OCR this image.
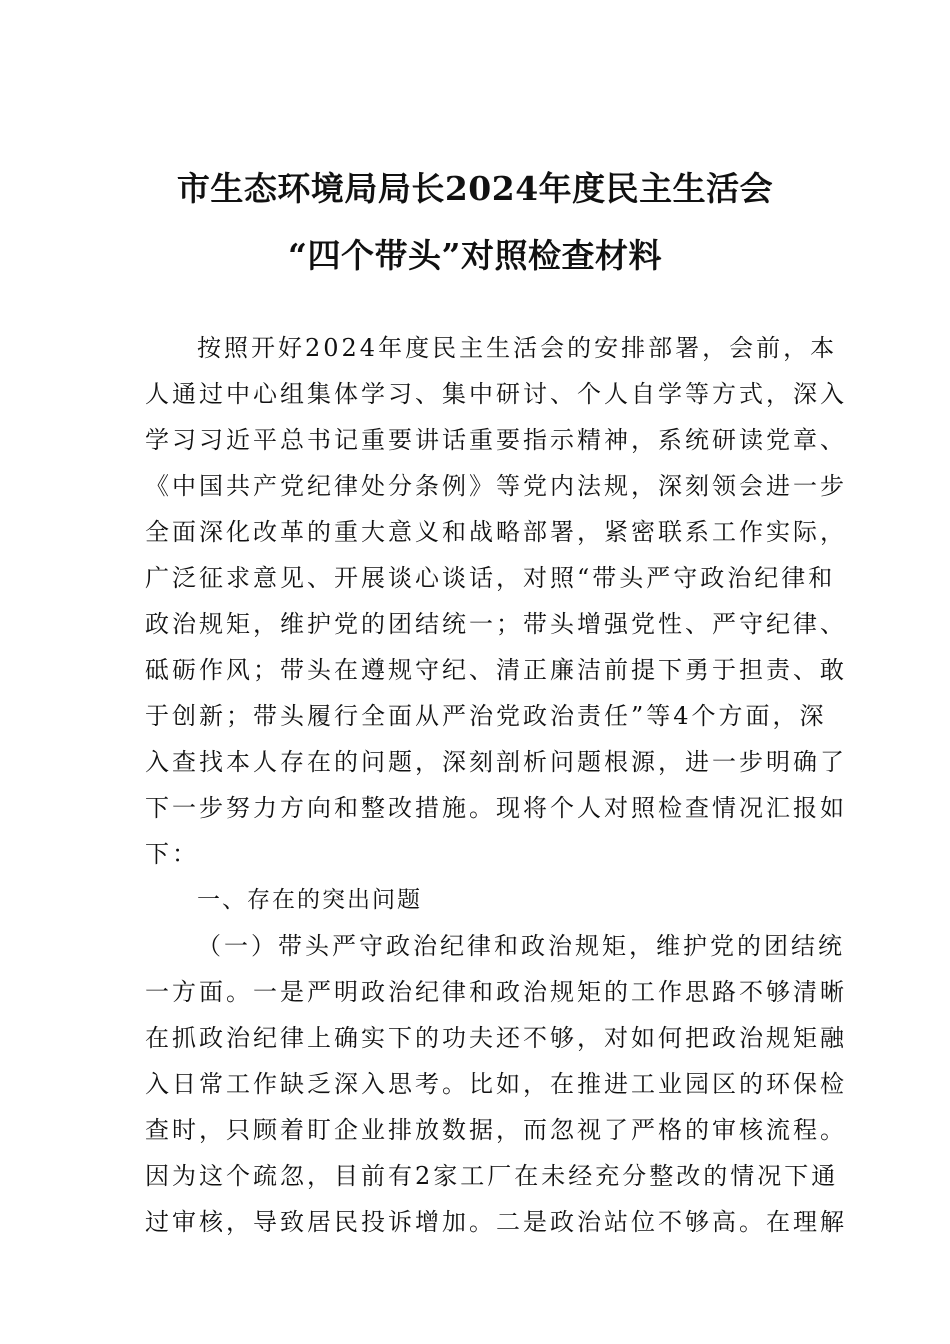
市生态环境局局长2024年度民主生活会
“四个带头”对照检查材料
按照开好2024年度民主生活会的安排部署，会前，本
人通过中心组集体学习、集中研讨、个人自学等方式，深入
学习习近平总书记重要讲话重要指示精神，系统研读党章、
《中国共产党纪律处分条例》等党内法规，深刻领会进一步
全面深化改革的重大意义和战略部署，紧密联系工作实际，
广泛征求意见、开展谈心谈话，对照“带头严守政治纪律和
政治规矩，维护党的团结统一；带头增强党性、严守纪律、
砥砺作风；带头在遵规守纪、清正廉洁前提下勇于担责、敢
于创新；带头履行全面从严治党政治责任”等4个方面，深
入查找本人存在的问题，深刻剖析问题根源，进一步明确了
下一步努力方向和整改措施。现将个人对照检查情况汇报如
下：
一、存在的突出问题
（一）带头严守政治纪律和政治规矩，维护党的团结统
一方面。一是严明政治纪律和政治规矩的工作思路不够清晰
在抓政治纪律上确实下的功夫还不够，对如何把政治规矩融
入日常工作缺乏深入思考。比如，在推进工业园区的环保检
查时，只顾着盯企业排放数据，而忽视了严格的审核流程。
因为这个疏忽，目前有2家工厂在未经充分整改的情况下通
过审核，导致居民投诉增加。二是政治站位不够高。在理解
